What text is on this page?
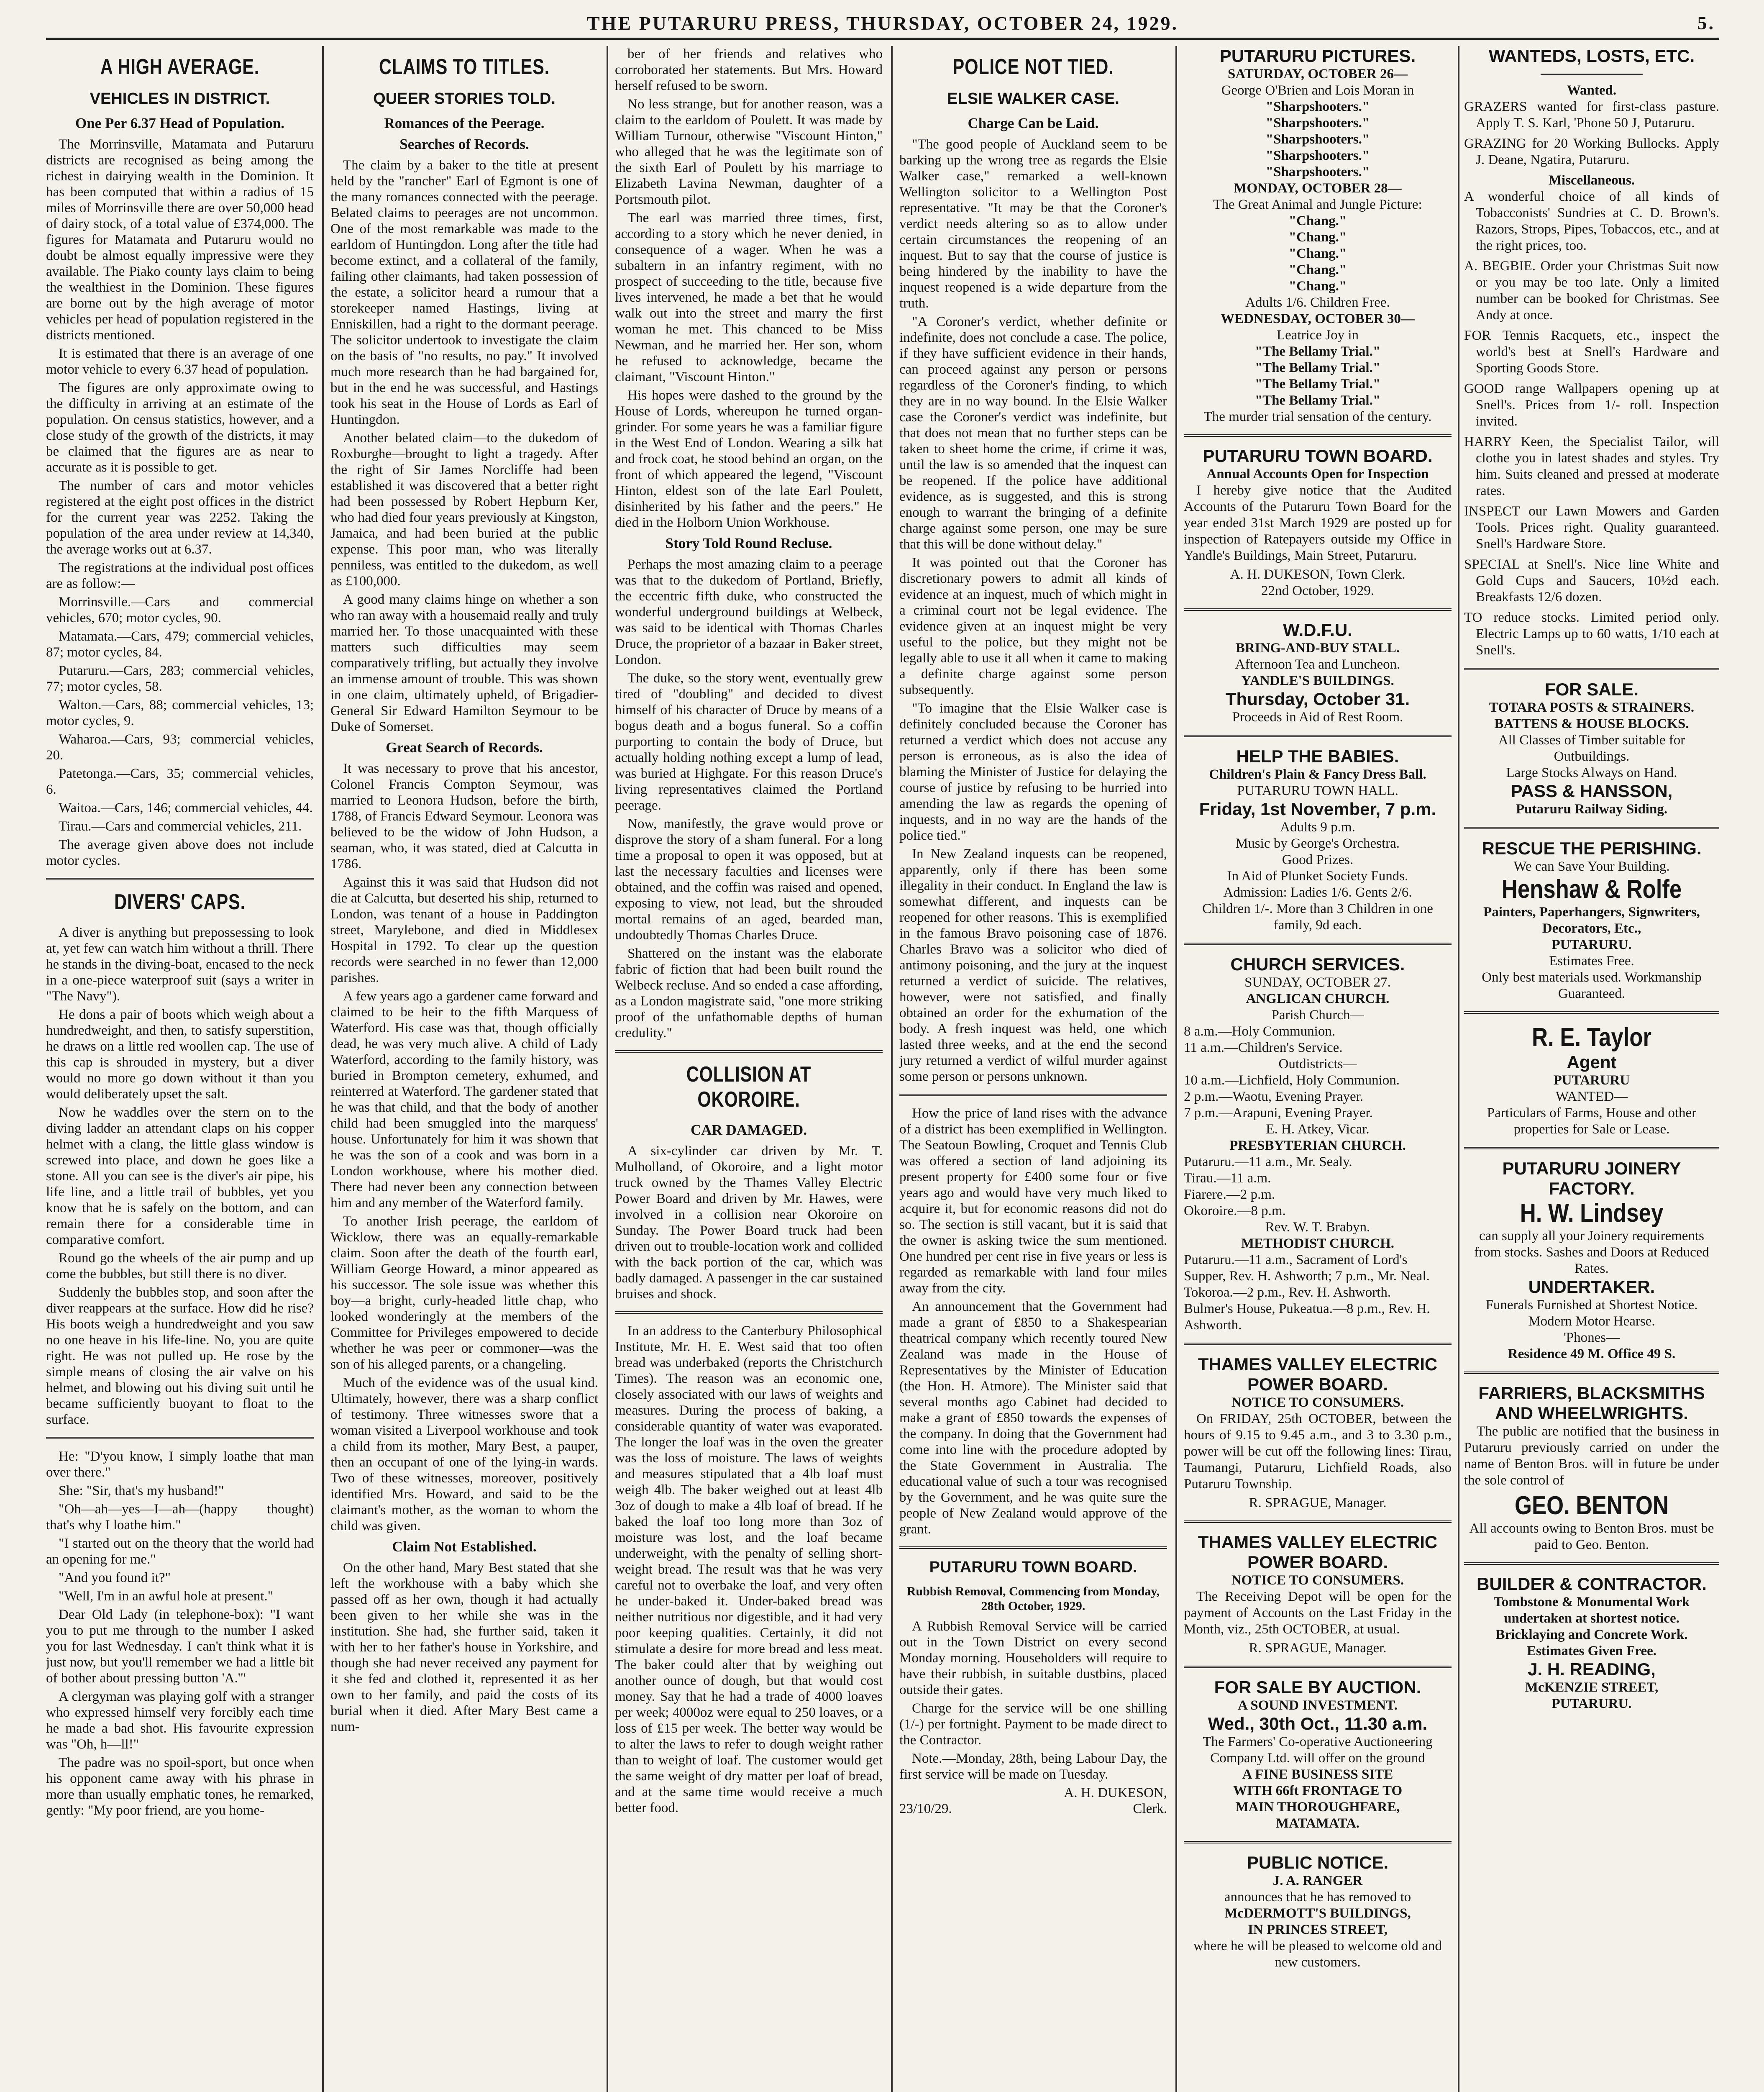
THE PUTARURU PRESS, THURSDAY, OCTOBER 24, 1929.	5.
A HIGH AVERAGE.
VEHICLES IN DISTRICT.
One Per 6.37 Head of Population.

The Morrinsville, Matamata and Putaruru districts are recognised as being among the richest in dairying wealth in the Dominion. It has been computed that within a radius of 15 miles of Morrinsville there are over 50,000 head of dairy stock, of a total value of £374,000. The figures for Matamata and Putaruru would no doubt be almost equally impressive were they available. The Piako county lays claim to being the wealthiest in the Dominion. These figures are borne out by the high average of motor vehicles per head of population registered in the districts mentioned.

It is estimated that there is an average of one motor vehicle to every 6.37 head of population.

The figures are only approximate owing to the difficulty in arriving at an estimate of the population. On census statistics, however, and a close study of the growth of the districts, it may be claimed that the figures are as near to accurate as it is possible to get.

The number of cars and motor vehicles registered at the eight post offices in the district for the current year was 2252. Taking the population of the area under review at 14,340, the average works out at 6.37.

The registrations at the individual post offices are as follow:—

Morrinsville.—Cars and commercial vehicles, 670; motor cycles, 90.

Matamata.—Cars, 479; commercial vehicles, 87; motor cycles, 84.

Putaruru.—Cars, 283; commercial vehicles, 77; motor cycles, 58.

Walton.—Cars, 88; commercial vehicles, 13; motor cycles, 9.

Waharoa.—Cars, 93; commercial vehicles, 20.

Patetonga.—Cars, 35; commercial vehicles, 6.

Waitoa.—Cars, 146; commercial vehicles, 44.

Tirau.—Cars and commercial vehicles, 211.

The average given above does not include motor cycles.

DIVERS' CAPS.

A diver is anything but prepossessing to look at, yet few can watch him without a thrill. There he stands in the diving-boat, encased to the neck in a one-piece waterproof suit (says a writer in "The Navy").

He dons a pair of boots which weigh about a hundredweight, and then, to satisfy superstition, he draws on a little red woollen cap. The use of this cap is shrouded in mystery, but a diver would no more go down without it than you would deliberately upset the salt.

Now he waddles over the stern on to the diving ladder an attendant claps on his copper helmet with a clang, the little glass window is screwed into place, and down he goes like a stone. All you can see is the diver's air pipe, his life line, and a little trail of bubbles, yet you know that he is safely on the bottom, and can remain there for a considerable time in comparative comfort.

Round go the wheels of the air pump and up come the bubbles, but still there is no diver.

Suddenly the bubbles stop, and soon after the diver reappears at the surface. How did he rise? His boots weigh a hundredweight and you saw no one heave in his life-line. No, you are quite right. He was not pulled up. He rose by the simple means of closing the air valve on his helmet, and blowing out his diving suit until he became sufficiently buoyant to float to the surface.

He: "D'you know, I simply loathe that man over there."

She: "Sir, that's my husband!"

"Oh—ah—yes—I—ah—(happy thought) that's why I loathe him."

"I started out on the theory that the world had an opening for me."

"And you found it?"

"Well, I'm in an awful hole at present."

Dear Old Lady (in telephone-box): "I want you to put me through to the number I asked you for last Wednesday. I can't think what it is just now, but you'll remember we had a little bit of bother about pressing button 'A.'"

A clergyman was playing golf with a stranger who expressed himself very forcibly each time he made a bad shot. His favourite expression was "Oh, h—ll!"

The padre was no spoil-sport, but once when his opponent came away with his phrase in more than usually emphatic tones, he remarked, gently: "My poor friend, are you home-

CLAIMS TO TITLES.
QUEER STORIES TOLD.
Romances of the Peerage.
Searches of Records.

The claim by a baker to the title at present held by the "rancher" Earl of Egmont is one of the many romances connected with the peerage. Belated claims to peerages are not uncommon. One of the most remarkable was made to the earldom of Huntingdon. Long after the title had become extinct, and a collateral of the family, failing other claimants, had taken possession of the estate, a solicitor heard a rumour that a storekeeper named Hastings, living at Enniskillen, had a right to the dormant peerage. The solicitor undertook to investigate the claim on the basis of "no results, no pay." It involved much more research than he had bargained for, but in the end he was successful, and Hastings took his seat in the House of Lords as Earl of Huntingdon.

Another belated claim—to the dukedom of Roxburghe—brought to light a tragedy. After the right of Sir James Norcliffe had been established it was discovered that a better right had been possessed by Robert Hepburn Ker, who had died four years previously at Kingston, Jamaica, and had been buried at the public expense. This poor man, who was literally penniless, was entitled to the dukedom, as well as £100,000.

A good many claims hinge on whether a son who ran away with a housemaid really and truly married her. To those unacquainted with these matters such difficulties may seem comparatively trifling, but actually they involve an immense amount of trouble. This was shown in one claim, ultimately upheld, of Brigadier-General Sir Edward Hamilton Seymour to be Duke of Somerset.

Great Search of Records.

It was necessary to prove that his ancestor, Colonel Francis Compton Seymour, was married to Leonora Hudson, before the birth, 1788, of Francis Edward Seymour. Leonora was believed to be the widow of John Hudson, a seaman, who, it was stated, died at Calcutta in 1786.

Against this it was said that Hudson did not die at Calcutta, but deserted his ship, returned to London, was tenant of a house in Paddington street, Marylebone, and died in Middlesex Hospital in 1792. To clear up the question records were searched in no fewer than 12,000 parishes.

A few years ago a gardener came forward and claimed to be heir to the fifth Marquess of Waterford. His case was that, though officially dead, he was very much alive. A child of Lady Waterford, according to the family history, was buried in Brompton cemetery, exhumed, and reinterred at Waterford. The gardener stated that he was that child, and that the body of another child had been smuggled into the marquess' house. Unfortunately for him it was shown that he was the son of a cook and was born in a London workhouse, where his mother died. There had never been any connection between him and any member of the Waterford family.

To another Irish peerage, the earldom of Wicklow, there was an equally-remarkable claim. Soon after the death of the fourth earl, William George Howard, a minor appeared as his successor. The sole issue was whether this boy—a bright, curly-headed little chap, who looked wonderingly at the members of the Committee for Privileges empowered to decide whether he was peer or commoner—was the son of his alleged parents, or a changeling.

Much of the evidence was of the usual kind. Ultimately, however, there was a sharp conflict of testimony. Three witnesses swore that a woman visited a Liverpool workhouse and took a child from its mother, Mary Best, a pauper, then an occupant of one of the lying-in wards. Two of these witnesses, moreover, positively identified Mrs. Howard, and said to be the claimant's mother, as the woman to whom the child was given.

Claim Not Established.

On the other hand, Mary Best stated that she left the workhouse with a baby which she passed off as her own, though it had actually been given to her while she was in the institution. She had, she further said, taken it with her to her father's house in Yorkshire, and though she had never received any payment for it she fed and clothed it, represented it as her own to her family, and paid the costs of its burial when it died. After Mary Best came a num-

ber of her friends and relatives who corroborated her statements. But Mrs. Howard herself refused to be sworn.

No less strange, but for another reason, was a claim to the earldom of Poulett. It was made by William Turnour, otherwise "Viscount Hinton," who alleged that he was the legitimate son of the sixth Earl of Poulett by his marriage to Elizabeth Lavina Newman, daughter of a Portsmouth pilot.

The earl was married three times, first, according to a story which he never denied, in consequence of a wager. When he was a subaltern in an infantry regiment, with no prospect of succeeding to the title, because five lives intervened, he made a bet that he would walk out into the street and marry the first woman he met. This chanced to be Miss Newman, and he married her. Her son, whom he refused to acknowledge, became the claimant, "Viscount Hinton."

His hopes were dashed to the ground by the House of Lords, whereupon he turned organ-grinder. For some years he was a familiar figure in the West End of London. Wearing a silk hat and frock coat, he stood behind an organ, on the front of which appeared the legend, "Viscount Hinton, eldest son of the late Earl Poulett, disinherited by his father and the peers." He died in the Holborn Union Workhouse.

Story Told Round Recluse.

Perhaps the most amazing claim to a peerage was that to the dukedom of Portland, Briefly, the eccentric fifth duke, who constructed the wonderful underground buildings at Welbeck, was said to be identical with Thomas Charles Druce, the proprietor of a bazaar in Baker street, London.

The duke, so the story went, eventually grew tired of "doubling" and decided to divest himself of his character of Druce by means of a bogus death and a bogus funeral. So a coffin purporting to contain the body of Druce, but actually holding nothing except a lump of lead, was buried at Highgate. For this reason Druce's living representatives claimed the Portland peerage.

Now, manifestly, the grave would prove or disprove the story of a sham funeral. For a long time a proposal to open it was opposed, but at last the necessary faculties and licenses were obtained, and the coffin was raised and opened, exposing to view, not lead, but the shrouded mortal remains of an aged, bearded man, undoubtedly Thomas Charles Druce.

Shattered on the instant was the elaborate fabric of fiction that had been built round the Welbeck recluse. And so ended a case affording, as a London magistrate said, "one more striking proof of the unfathomable depths of human credulity."

COLLISION AT OKOROIRE.
CAR DAMAGED.

A six-cylinder car driven by Mr. T. Mulholland, of Okoroire, and a light motor truck owned by the Thames Valley Electric Power Board and driven by Mr. Hawes, were involved in a collision near Okoroire on Sunday. The Power Board truck had been driven out to trouble-location work and collided with the back portion of the car, which was badly damaged. A passenger in the car sustained bruises and shock.

In an address to the Canterbury Philosophical Institute, Mr. H. E. West said that too often bread was underbaked (reports the Christchurch Times). The reason was an economic one, closely associated with our laws of weights and measures. During the process of baking, a considerable quantity of water was evaporated. The longer the loaf was in the oven the greater was the loss of moisture. The laws of weights and measures stipulated that a 4lb loaf must weigh 4lb. The baker weighed out at least 4lb 3oz of dough to make a 4lb loaf of bread. If he baked the loaf too long more than 3oz of moisture was lost, and the loaf became underweight, with the penalty of selling short-weight bread. The result was that he was very careful not to overbake the loaf, and very often he under-baked it. Under-baked bread was neither nutritious nor digestible, and it had very poor keeping qualities. Certainly, it did not stimulate a desire for more bread and less meat. The baker could alter that by weighing out another ounce of dough, but that would cost money. Say that he had a trade of 4000 loaves per week; 4000oz were equal to 250 loaves, or a loss of £15 per week. The better way would be to alter the laws to refer to dough weight rather than to weight of loaf. The customer would get the same weight of dry matter per loaf of bread, and at the same time would receive a much better food.

POLICE NOT TIED.
ELSIE WALKER CASE.
Charge Can be Laid.

"The good people of Auckland seem to be barking up the wrong tree as regards the Elsie Walker case," remarked a well-known Wellington solicitor to a Wellington Post representative. "It may be that the Coroner's verdict needs altering so as to allow under certain circumstances the reopening of an inquest. But to say that the course of justice is being hindered by the inability to have the inquest reopened is a wide departure from the truth.

"A Coroner's verdict, whether definite or indefinite, does not conclude a case. The police, if they have sufficient evidence in their hands, can proceed against any person or persons regardless of the Coroner's finding, to which they are in no way bound. In the Elsie Walker case the Coroner's verdict was indefinite, but that does not mean that no further steps can be taken to sheet home the crime, if crime it was, until the law is so amended that the inquest can be reopened. If the police have additional evidence, as is suggested, and this is strong enough to warrant the bringing of a definite charge against some person, one may be sure that this will be done without delay."

It was pointed out that the Coroner has discretionary powers to admit all kinds of evidence at an inquest, much of which might in a criminal court not be legal evidence. The evidence given at an inquest might be very useful to the police, but they might not be legally able to use it all when it came to making a definite charge against some person subsequently.

"To imagine that the Elsie Walker case is definitely concluded because the Coroner has returned a verdict which does not accuse any person is erroneous, as is also the idea of blaming the Minister of Justice for delaying the course of justice by refusing to be hurried into amending the law as regards the opening of inquests, and in no way are the hands of the police tied."

In New Zealand inquests can be reopened, apparently, only if there has been some illegality in their conduct. In England the law is somewhat different, and inquests can be reopened for other reasons. This is exemplified in the famous Bravo poisoning case of 1876. Charles Bravo was a solicitor who died of antimony poisoning, and the jury at the inquest returned a verdict of suicide. The relatives, however, were not satisfied, and finally obtained an order for the exhumation of the body. A fresh inquest was held, one which lasted three weeks, and at the end the second jury returned a verdict of wilful murder against some person or persons unknown.

How the price of land rises with the advance of a district has been exemplified in Wellington. The Seatoun Bowling, Croquet and Tennis Club was offered a section of land adjoining its present property for £400 some four or five years ago and would have very much liked to acquire it, but for economic reasons did not do so. The section is still vacant, but it is said that the owner is asking twice the sum mentioned. One hundred per cent rise in five years or less is regarded as remarkable with land four miles away from the city.

An announcement that the Government had made a grant of £850 to a Shakespearian theatrical company which recently toured New Zealand was made in the House of Representatives by the Minister of Education (the Hon. H. Atmore). The Minister said that several months ago Cabinet had decided to make a grant of £850 towards the expenses of the company. In doing that the Government had come into line with the procedure adopted by the State Government in Australia. The educational value of such a tour was recognised by the Government, and he was quite sure the people of New Zealand would approve of the grant.

PUTARURU TOWN BOARD.
Rubbish Removal, Commencing from Monday, 28th October, 1929.

A Rubbish Removal Service will be carried out in the Town District on every second Monday morning. Householders will require to have their rubbish, in suitable dustbins, placed outside their gates.

Charge for the service will be one shilling (1/-) per fortnight. Payment to be made direct to the Contractor.

Note.—Monday, 28th, being Labour Day, the first service will be made on Tuesday.

A. H. DUKESON,
23/10/29.	Clerk.
PUTARURU PICTURES.
SATURDAY, OCTOBER 26—
George O'Brien and Lois Moran in
"Sharpshooters."
"Sharpshooters."
"Sharpshooters."
"Sharpshooters."
"Sharpshooters."
MONDAY, OCTOBER 28—
The Great Animal and Jungle Picture:
"Chang."
"Chang."
"Chang."
"Chang."
"Chang."
Adults 1/6. Children Free.
WEDNESDAY, OCTOBER 30—
Leatrice Joy in
"The Bellamy Trial."
"The Bellamy Trial."
"The Bellamy Trial."
"The Bellamy Trial."
The murder trial sensation of the century.
PUTARURU TOWN BOARD.
Annual Accounts Open for Inspection

I hereby give notice that the Audited Accounts of the Putaruru Town Board for the year ended 31st March 1929 are posted up for inspection of Ratepayers outside my Office in Yandle's Buildings, Main Street, Putaruru.

A. H. DUKESON, Town Clerk.
22nd October, 1929.
W.D.F.U.
BRING-AND-BUY STALL.
Afternoon Tea and Luncheon.
YANDLE'S BUILDINGS.
Thursday, October 31.
Proceeds in Aid of Rest Room.
HELP THE BABIES.
Children's Plain & Fancy Dress Ball.
PUTARURU TOWN HALL.
Friday, 1st November, 7 p.m.
Adults 9 p.m.
Music by George's Orchestra.
Good Prizes.
In Aid of Plunket Society Funds.
Admission: Ladies 1/6. Gents 2/6.
Children 1/-. More than 3 Children in one family, 9d each.
CHURCH SERVICES.
SUNDAY, OCTOBER 27.
ANGLICAN CHURCH.
Parish Church—
8 a.m.—Holy Communion.
11 a.m.—Children's Service.
Outdistricts—
10 a.m.—Lichfield, Holy Communion.
2 p.m.—Waotu, Evening Prayer.
7 p.m.—Arapuni, Evening Prayer.
E. H. Atkey, Vicar.
PRESBYTERIAN CHURCH.
Putaruru.—11 a.m., Mr. Sealy.
Tirau.—11 a.m.
Fiarere.—2 p.m.
Okoroire.—8 p.m.
Rev. W. T. Brabyn.
METHODIST CHURCH.
Putaruru.—11 a.m., Sacrament of Lord's Supper, Rev. H. Ashworth; 7 p.m., Mr. Neal.
Tokoroa.—2 p.m., Rev. H. Ashworth.
Bulmer's House, Pukeatua.—8 p.m., Rev. H. Ashworth.
THAMES VALLEY ELECTRIC POWER BOARD.
NOTICE TO CONSUMERS.

On FRIDAY, 25th OCTOBER, between the hours of 9.15 to 9.45 a.m., and 3 to 3.30 p.m., power will be cut off the following lines: Tirau, Taumangi, Putaruru, Lichfield Roads, also Putaruru Township.

R. SPRAGUE, Manager.
THAMES VALLEY ELECTRIC POWER BOARD.
NOTICE TO CONSUMERS.

The Receiving Depot will be open for the payment of Accounts on the Last Friday in the Month, viz., 25th OCTOBER, at usual.

R. SPRAGUE, Manager.
FOR SALE BY AUCTION.
A SOUND INVESTMENT.
Wed., 30th Oct., 11.30 a.m.
The Farmers' Co-operative Auctioneering Company Ltd. will offer on the ground
A FINE BUSINESS SITE
WITH 66ft FRONTAGE TO
MAIN THOROUGHFARE,
MATAMATA.
PUBLIC NOTICE.
J. A. RANGER
announces that he has removed to
McDERMOTT'S BUILDINGS,
IN PRINCES STREET,
where he will be pleased to welcome old and new customers.
WANTEDS, LOSTS, ETC.
Wanted.

GRAZERS wanted for first-class pasture. Apply T. S. Karl, 'Phone 50 J, Putaruru.

GRAZING for 20 Working Bullocks. Apply J. Deane, Ngatira, Putaruru.

Miscellaneous.

A wonderful choice of all kinds of Tobacconists' Sundries at C. D. Brown's. Razors, Strops, Pipes, Tobaccos, etc., and at the right prices, too.

A. BEGBIE. Order your Christmas Suit now or you may be too late. Only a limited number can be booked for Christmas. See Andy at once.

FOR Tennis Racquets, etc., inspect the world's best at Snell's Hardware and Sporting Goods Store.

GOOD range Wallpapers opening up at Snell's. Prices from 1/- roll. Inspection invited.

HARRY Keen, the Specialist Tailor, will clothe you in latest shades and styles. Try him. Suits cleaned and pressed at moderate rates.

INSPECT our Lawn Mowers and Garden Tools. Prices right. Quality guaranteed. Snell's Hardware Store.

SPECIAL at Snell's. Nice line White and Gold Cups and Saucers, 10½d each. Breakfasts 12/6 dozen.

TO reduce stocks. Limited period only. Electric Lamps up to 60 watts, 1/10 each at Snell's.

FOR SALE.
TOTARA POSTS & STRAINERS.
BATTENS & HOUSE BLOCKS.
All Classes of Timber suitable for Outbuildings.
Large Stocks Always on Hand.
PASS & HANSSON,
Putaruru Railway Siding.
RESCUE THE PERISHING.
We can Save Your Building.
Henshaw & Rolfe
Painters, Paperhangers, Signwriters, Decorators, Etc.,
PUTARURU.
Estimates Free.
Only best materials used. Workmanship Guaranteed.
R. E. Taylor
Agent
PUTARURU
WANTED—
Particulars of Farms, House and other properties for Sale or Lease.
PUTARURU JOINERY FACTORY.
H. W. Lindsey
can supply all your Joinery requirements from stocks. Sashes and Doors at Reduced Rates.
UNDERTAKER.
Funerals Furnished at Shortest Notice.
Modern Motor Hearse.
'Phones—
Residence 49 M. Office 49 S.
FARRIERS, BLACKSMITHS AND WHEELWRIGHTS.

The public are notified that the business in Putaruru previously carried on under the name of Benton Bros. will in future be under the sole control of

GEO. BENTON
All accounts owing to Benton Bros. must be paid to Geo. Benton.
BUILDER & CONTRACTOR.
Tombstone & Monumental Work undertaken at shortest notice.
Bricklaying and Concrete Work.
Estimates Given Free.
J. H. READING,
McKENZIE STREET,
PUTARURU.
